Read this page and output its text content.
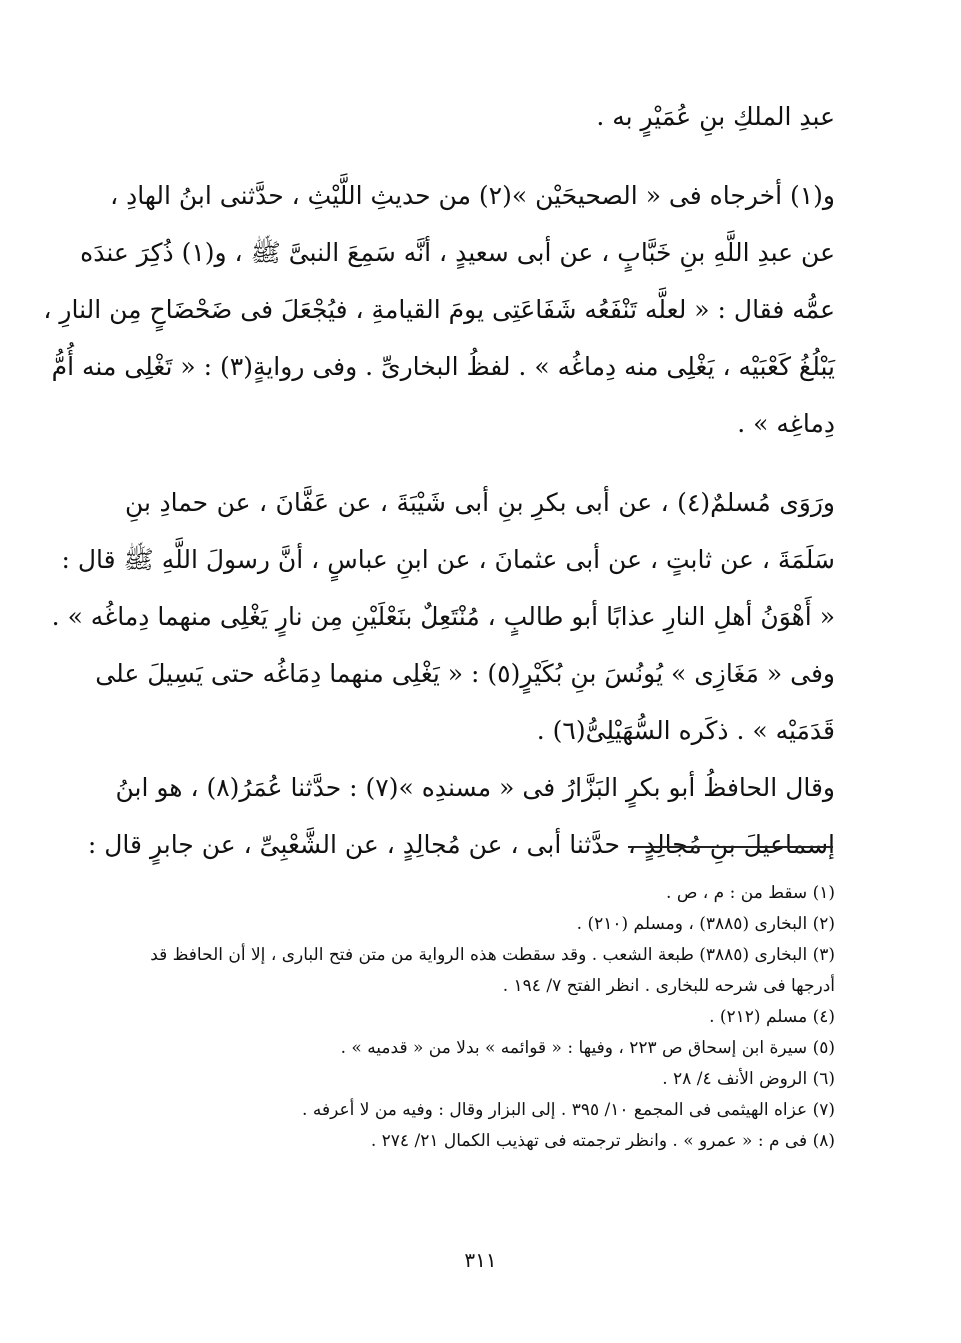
عبدِ الملكِ بنِ عُمَيْرٍ به .
و(١) أخرجاه فى « الصحيحَيْن »(٢) من حديثِ اللَّيْثِ ، حدَّثنى ابنُ الهادِ ،
عن عبدِ اللَّهِ بنِ خَبَّابٍ ، عن أبى سعيدٍ ، أنَّه سَمِعَ النبىَّ ﷺ ، و(١) ذُكِرَ عندَه
عمُّه فقال : « لعلَّه تَنْفَعُه شَفَاعَتِى يومَ القيامةِ ، فيُجْعَلَ فى ضَحْضَاحٍ مِن النارِ ،
يَبْلُغُ كَعْبَيْه ، يَغْلِى منه دِماغُه » . لفظُ البخارىِّ . وفى روايةٍ(٣) : « تَغْلِى منه أُمُّ
دِماغِه » .
ورَوَى مُسلمٌ(٤) ، عن أبى بكرِ بنِ أبى شَيْبَةَ ، عن عَفَّانَ ، عن حمادِ بنِ
سَلَمَةَ ، عن ثابتٍ ، عن أبى عثمانَ ، عن ابنِ عباسٍ ، أنَّ رسولَ اللَّهِ ﷺ قال :
« أَهْوَنُ أهلِ النارِ عذابًا أبو طالبٍ ، مُنْتَعِلٌ بنَعْلَيْنِ مِن نارٍ يَغْلِى منهما دِماغُه » .
وفى « مَغَازِى » يُونُسَ بنِ بُكَيْرٍ(٥) : « يَغْلِى منهما دِمَاغُه حتى يَسِيلَ على
قَدَمَيْه » . ذكَره السُّهَيْلِىُّ(٦) .
وقال الحافظُ أبو بكرٍ البَزَّارُ فى « مسندِه »(٧) : حدَّثنا عُمَرُ(٨) ، هو ابنُ
إسماعيلَ بنِ مُجالِدٍ ، حدَّثنا أبى ، عن مُجالِدٍ ، عن الشَّعْبِىِّ ، عن جابرٍ قال :
(١) سقط من : م ، ص .
(٢) البخارى (٣٨٨٥) ، ومسلم (٢١٠) .
(٣) البخارى (٣٨٨٥) طبعة الشعب . وقد سقطت هذه الرواية من متن فتح البارى ، إلا أن الحافظ قد
أدرجها فى شرحه للبخارى . انظر الفتح ٧/ ١٩٤ .
(٤) مسلم (٢١٢) .
(٥) سيرة ابن إسحاق ص ٢٢٣ ، وفيها : « قوائمه » بدلا من « قدميه » .
(٦) الروض الأنف ٤/ ٢٨ .
(٧) عزاه الهيثمى فى المجمع ١٠/ ٣٩٥ . إلى البزار وقال : وفيه من لا أعرفه .
(٨) فى م : « عمرو » . وانظر ترجمته فى تهذيب الكمال ٢١/ ٢٧٤ .
٣١١
